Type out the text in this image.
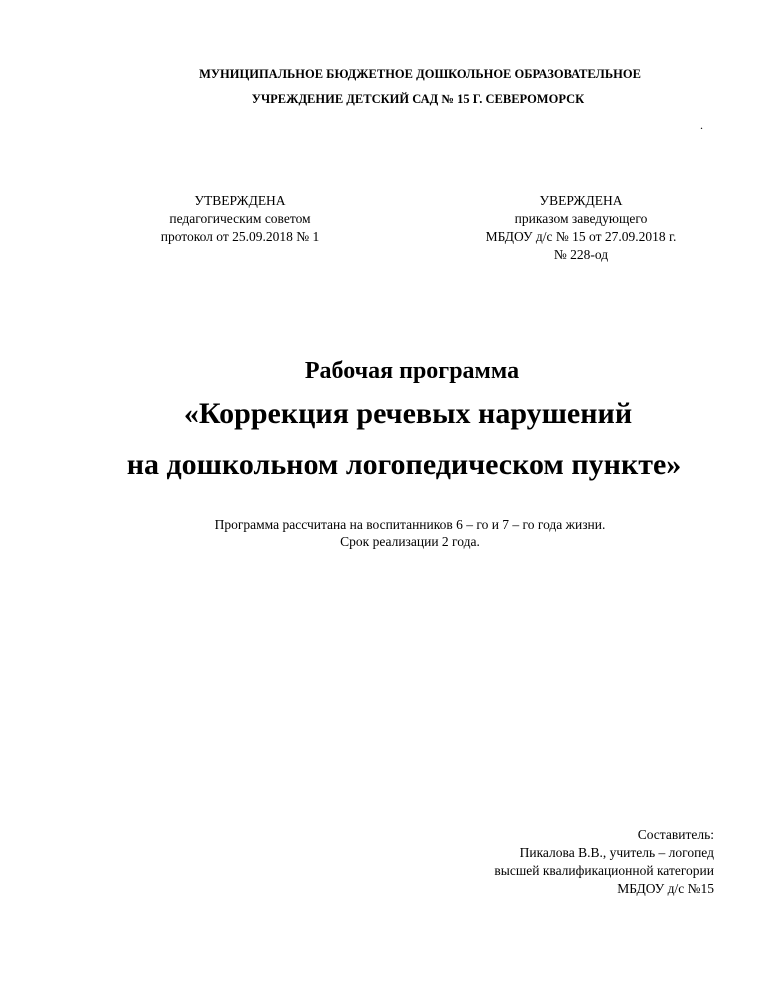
МУНИЦИПАЛЬНОЕ БЮДЖЕТНОЕ ДОШКОЛЬНОЕ ОБРАЗОВАТЕЛЬНОЕ
УЧРЕЖДЕНИЕ ДЕТСКИЙ САД № 15 Г. СЕВЕРОМОРСК
.
УТВЕРЖДЕНА
педагогическим советом
протокол от 25.09.2018 № 1
УВЕРЖДЕНА
приказом заведующего
МБДОУ д/с № 15 от 27.09.2018 г.
№ 228-од
Рабочая программа
«Коррекция речевых нарушений
на дошкольном логопедическом пункте»
Программа рассчитана на воспитанников 6 – го и 7 – го года жизни.
Срок реализации 2 года.
Составитель:
Пикалова В.В., учитель – логопед
высшей квалификационной категории
МБДОУ д/с №15
